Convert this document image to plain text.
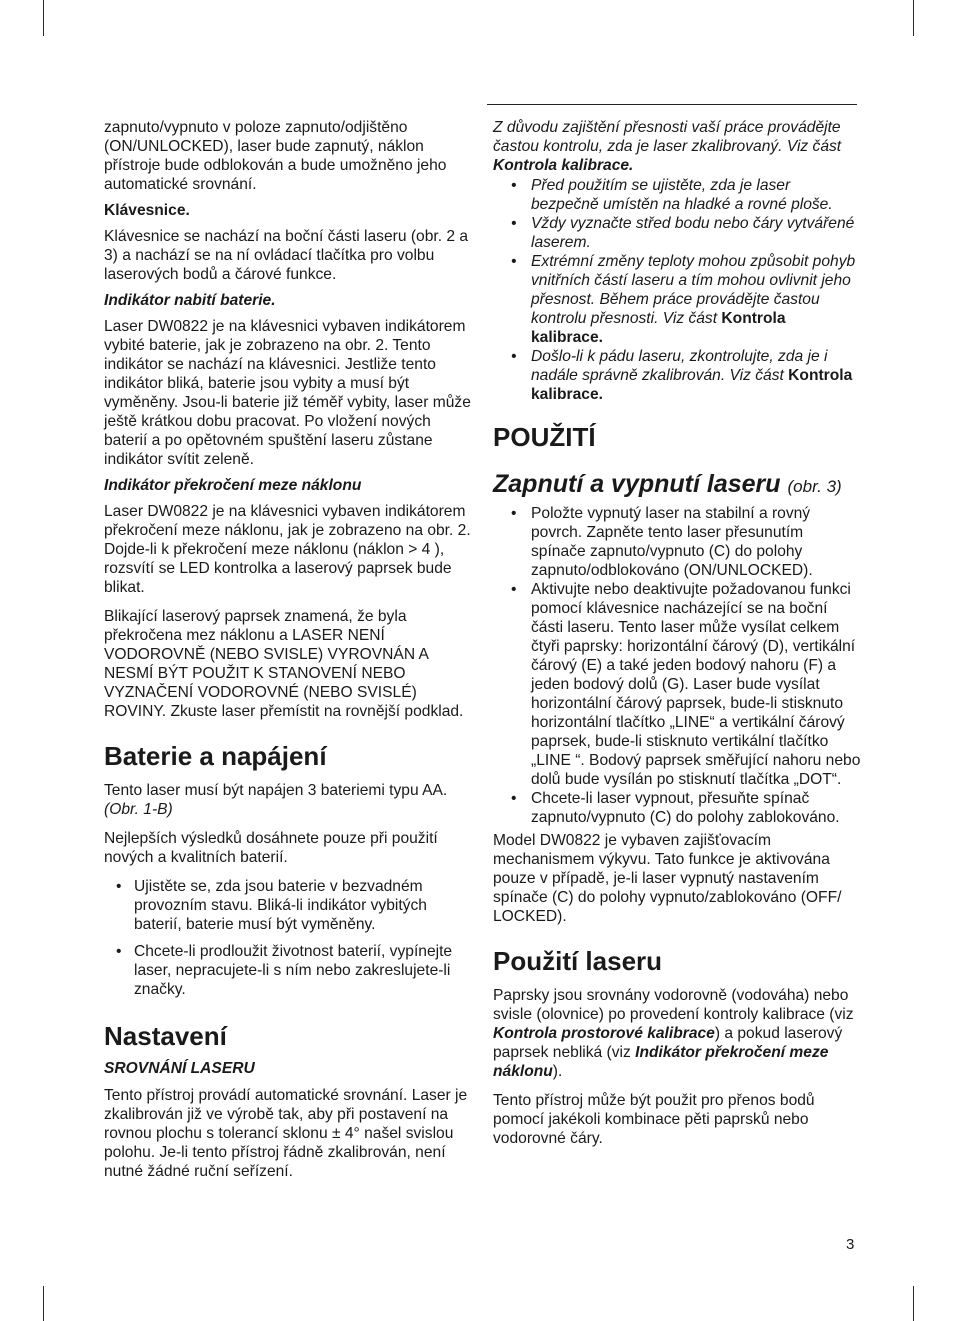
zapnuto/vypnuto v poloze zapnuto/odjištěno (ON/UNLOCKED), laser bude zapnutý, náklon přístroje bude odblokován a bude umožněno jeho automatické srovnání.

Klávesnice.

Klávesnice se nachází na boční části laseru (obr. 2 a 3) a nachází se na ní ovládací tlačítka pro volbu laserových bodů a čárové funkce.

Indikátor nabití baterie.

Laser DW0822 je na klávesnici vybaven indikátorem vybité baterie, jak je zobrazeno na obr. 2. Tento indikátor se nachází na klávesnici. Jestliže tento indikátor bliká, baterie jsou vybity a musí být vyměněny. Jsou-li baterie již téměř vybity, laser může ještě krátkou dobu pracovat. Po vložení nových baterií a po opětovném spuštění laseru zůstane indikátor svítit zeleně.

Indikátor překročení meze náklonu

Laser DW0822 je na klávesnici vybaven indikátorem překročení meze náklonu, jak je zobrazeno na obr. 2. Dojde-li k překročení meze náklonu (náklon > 4 ), rozsvítí se LED kontrolka a laserový paprsek bude blikat.

Blikající laserový paprsek znamená, že byla překročena mez náklonu a LASER NENÍ VODOROVNĚ (NEBO SVISLE) VYROVNÁN A NESMÍ BÝT POUŽIT K STANOVENÍ NEBO VYZNAČENÍ VODOROVNÉ (NEBO SVISLÉ) ROVINY. Zkuste laser přemístit na rovnější podklad.

Baterie a napájení

Tento laser musí být napájen 3 bateriemi typu AA.
(Obr. 1-B)

Nejlepších výsledků dosáhnete pouze při použití nových a kvalitních baterií.

• Ujistěte se, zda jsou baterie v bezvadném provozním stavu. Bliká-li indikátor vybitých baterií, baterie musí být vyměněny.
• Chcete-li prodloužit životnost baterií, vypínejte laser, nepracujete-li s ním nebo zakreslujete-li značky.
Nastavení

SROVNÁNÍ LASERU

Tento přístroj provádí automatické srovnání. Laser je zkalibrován již ve výrobě tak, aby při postavení na rovnou plochu s tolerancí sklonu ± 4° našel svislou polohu. Je-li tento přístroj řádně zkalibrován, není nutné žádné ruční seřízení.

Z důvodu zajištění přesnosti vaší práce provádějte častou kontrolu, zda je laser zkalibrovaný. Viz část Kontrola kalibrace.

• Před použitím se ujistěte, zda je laser bezpečně umístěn na hladké a rovné ploše.
• Vždy vyznačte střed bodu nebo čáry vytvářené laserem.
• Extrémní změny teploty mohou způsobit pohyb vnitřních částí laseru a tím mohou ovlivnit jeho přesnost. Během práce provádějte častou kontrolu přesnosti. Viz část Kontrola kalibrace.
• Došlo-li k pádu laseru, zkontrolujte, zda je i nadále správně zkalibrován. Viz část Kontrola kalibrace.
POUŽITÍ
Zapnutí a vypnutí laseru (obr. 3)
• Položte vypnutý laser na stabilní a rovný povrch. Zapněte tento laser přesunutím spínače zapnuto/vypnuto (C) do polohy zapnuto/odblokováno (ON/UNLOCKED).
• Aktivujte nebo deaktivujte požadovanou funkci pomocí klávesnice nacházející se na boční části laseru. Tento laser může vysílat celkem čtyři paprsky: horizontální čárový (D), vertikální čárový (E) a také jeden bodový nahoru (F) a jeden bodový dolů (G). Laser bude vysílat horizontální čárový paprsek, bude-li stisknuto horizontální tlačítko „LINE“ a vertikální čárový paprsek, bude-li stisknuto vertikální tlačítko „LINE “. Bodový paprsek směřující nahoru nebo dolů bude vysílán po stisknutí tlačítka „DOT“.
• Chcete-li laser vypnout, přesuňte spínač zapnuto/vypnuto (C) do polohy zablokováno.

Model DW0822 je vybaven zajišťovacím mechanismem výkyvu. Tato funkce je aktivována pouze v případě, je-li laser vypnutý nastavením spínače (C) do polohy vypnuto/zablokováno (OFF/ LOCKED).

Použití laseru

Paprsky jsou srovnány vodorovně (vodováha) nebo svisle (olovnice) po provedení kontroly kalibrace (viz Kontrola prostorové kalibrace) a pokud laserový paprsek nebliká (viz Indikátor překročení meze náklonu).

Tento přístroj může být použit pro přenos bodů pomocí jakékoli kombinace pěti paprsků nebo vodorovné čáry.

3
